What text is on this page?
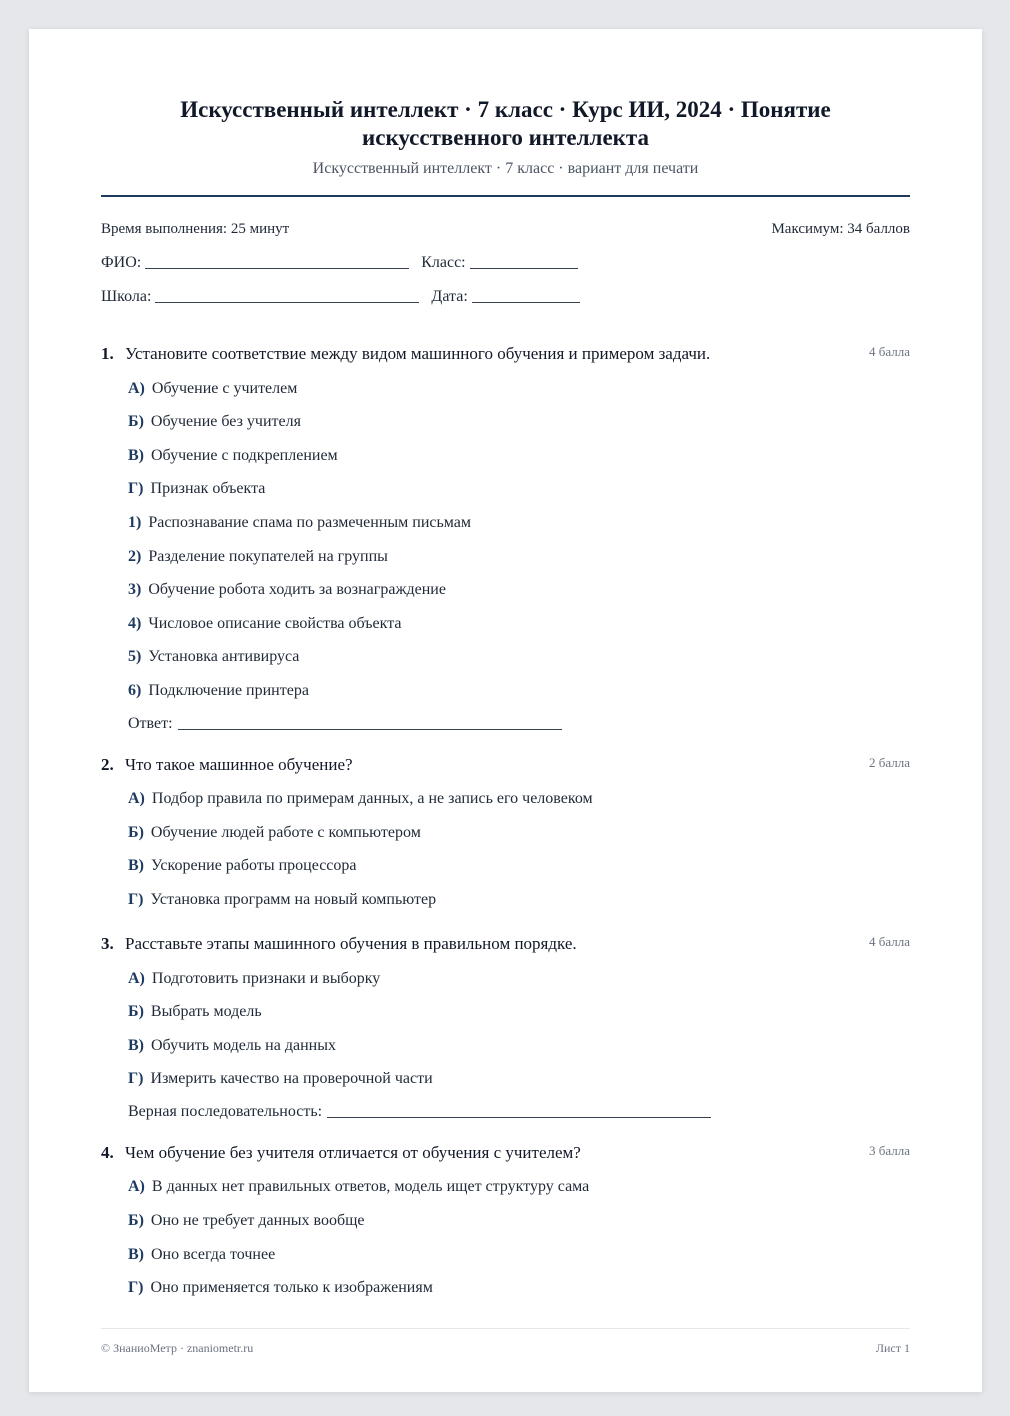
Искусственный интеллект · 7 класс · Курс ИИ, 2024 · Понятие искусственного интеллекта
Искусственный интеллект · 7 класс · вариант для печати
Время выполнения: 25 минут	Максимум: 34 баллов
ФИО:	Класс:
Школа:	Дата:
1. Установите соответствие между видом машинного обучения и примером задачи.	4 балла
А) Обучение с учителем
Б) Обучение без учителя
В) Обучение с подкреплением
Г) Признак объекта
1) Распознавание спама по размеченным письмам
2) Разделение покупателей на группы
3) Обучение робота ходить за вознаграждение
4) Числовое описание свойства объекта
5) Установка антивируса
6) Подключение принтера
Ответ:
2. Что такое машинное обучение?	2 балла
А) Подбор правила по примерам данных, а не запись его человеком
Б) Обучение людей работе с компьютером
В) Ускорение работы процессора
Г) Установка программ на новый компьютер
3. Расставьте этапы машинного обучения в правильном порядке.	4 балла
А) Подготовить признаки и выборку
Б) Выбрать модель
В) Обучить модель на данных
Г) Измерить качество на проверочной части
Верная последовательность:
4. Чем обучение без учителя отличается от обучения с учителем?	3 балла
А) В данных нет правильных ответов, модель ищет структуру сама
Б) Оно не требует данных вообще
В) Оно всегда точнее
Г) Оно применяется только к изображениям
© ЗнаниоМетр · znaniometr.ru	Лист 1
